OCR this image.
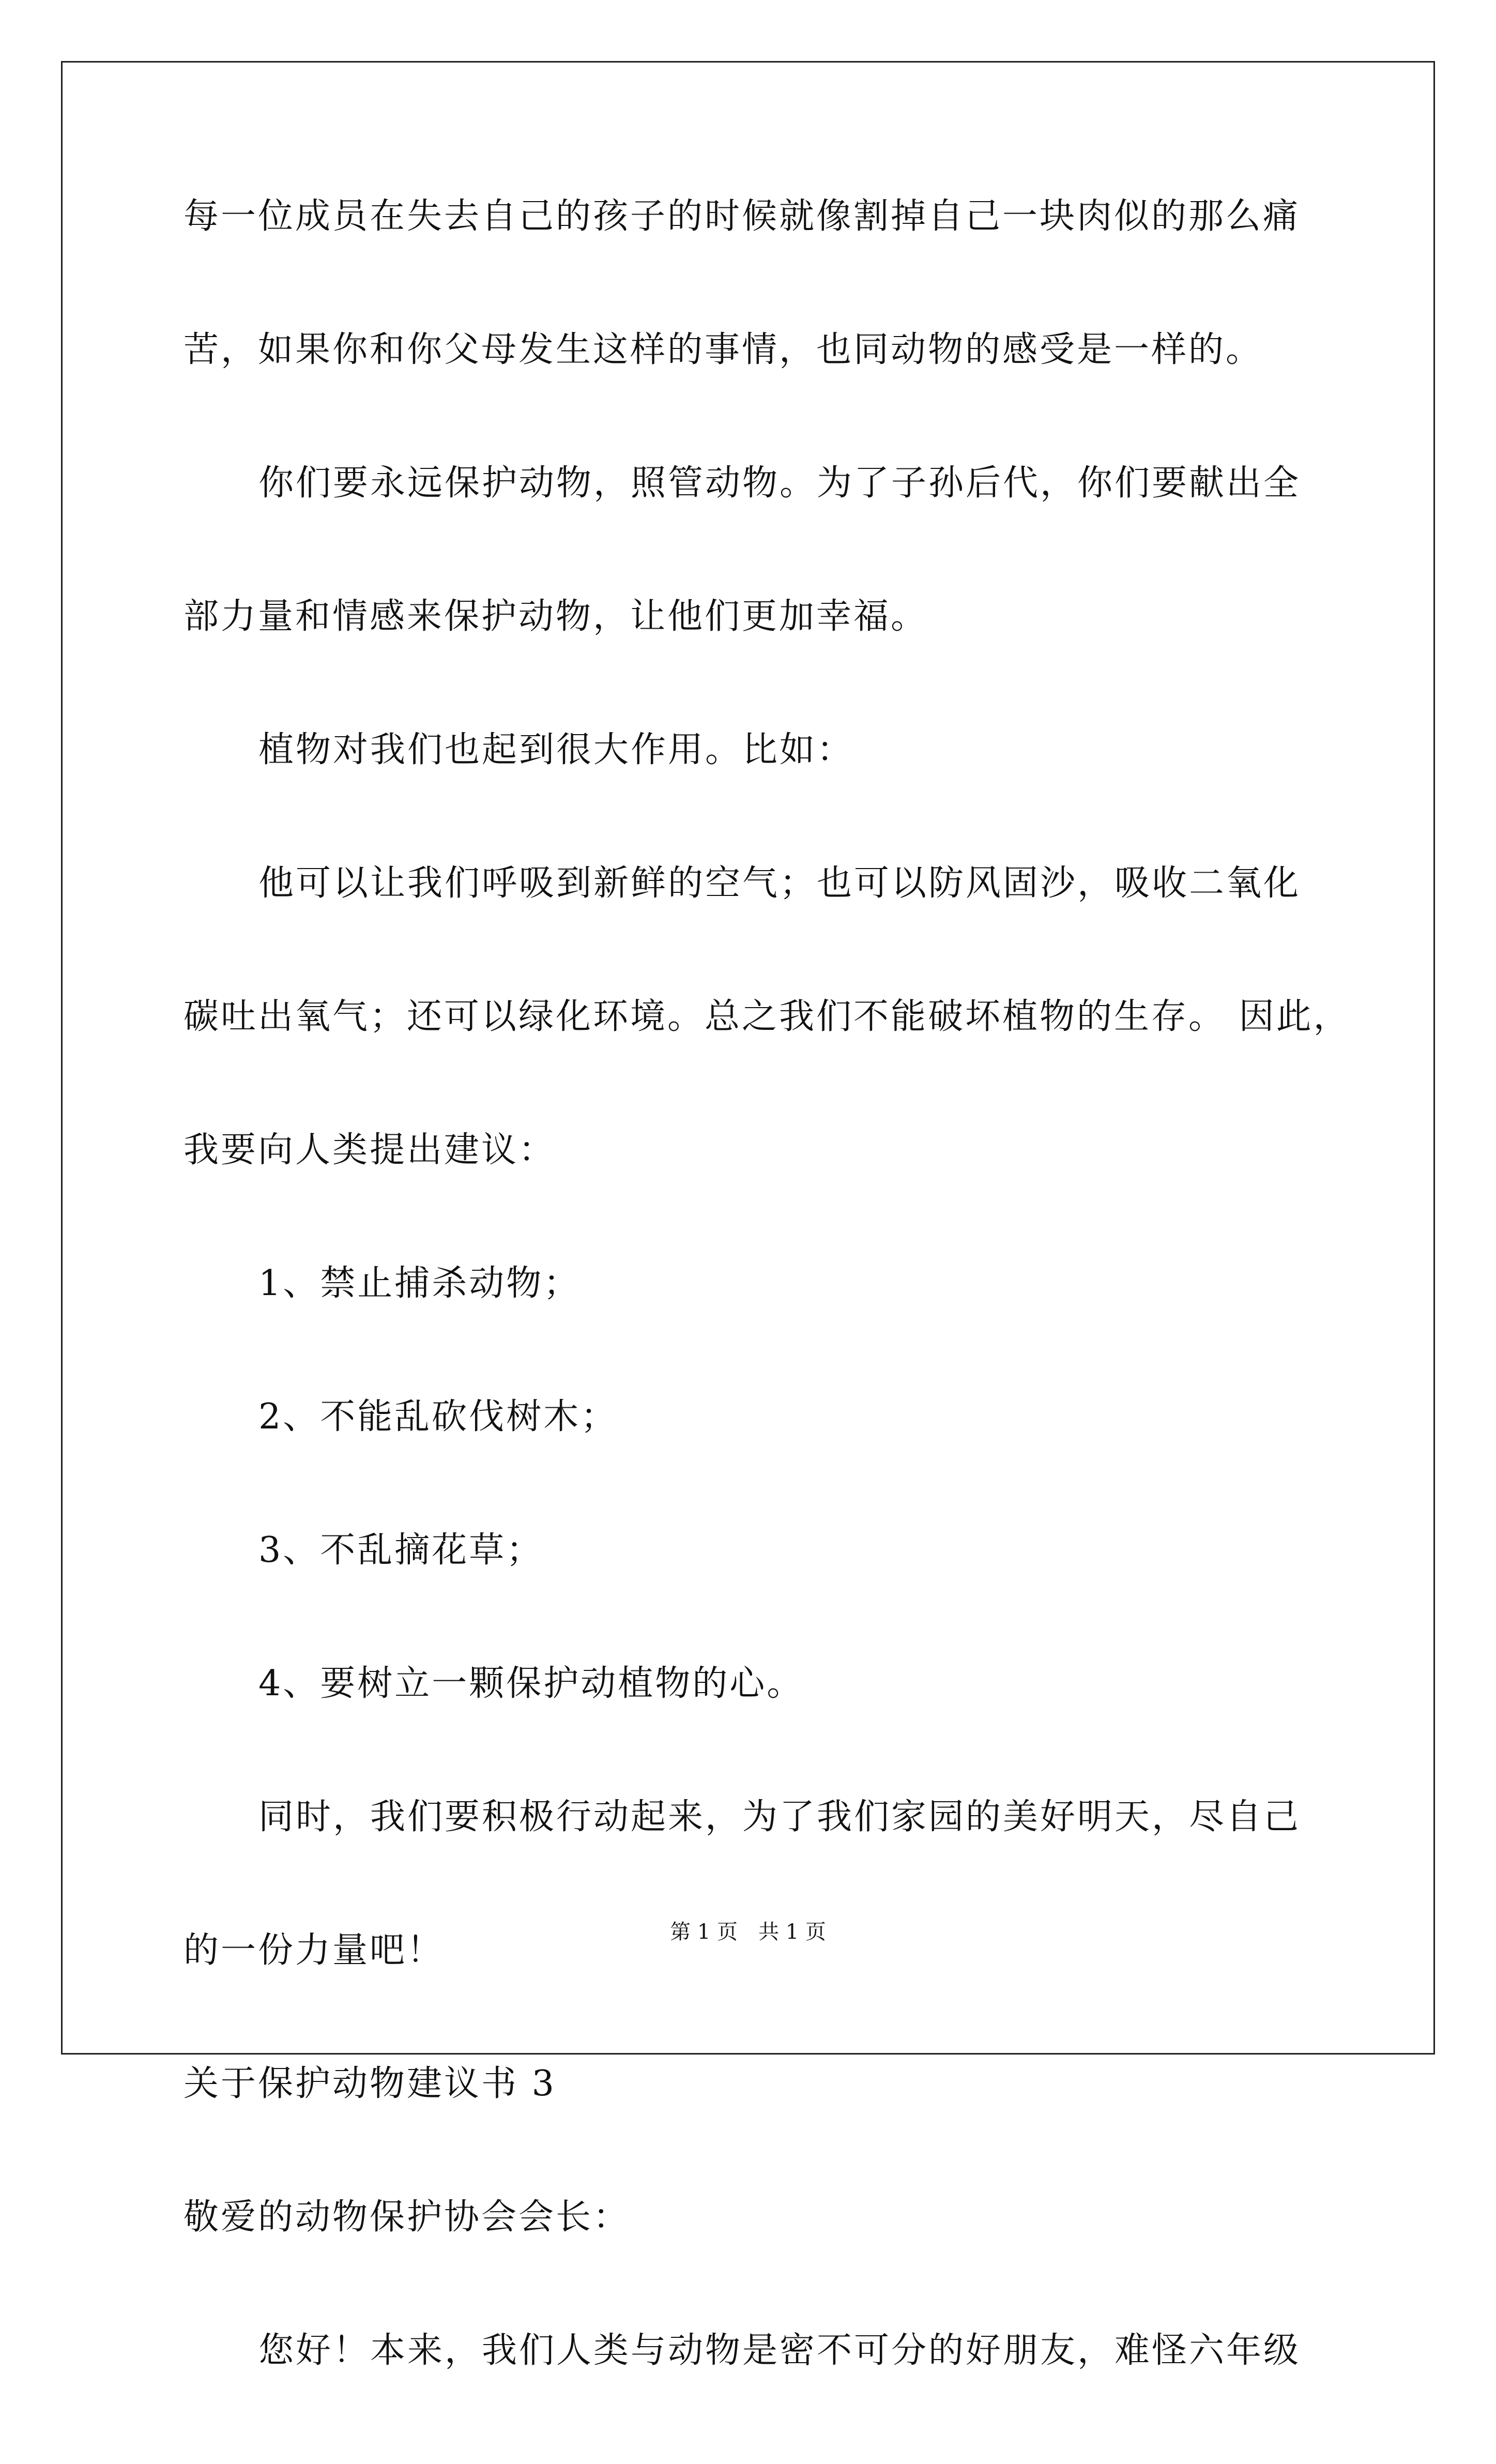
每一位成员在失去自己的孩子的时候就像割掉自己一块肉似的那么痛
苦，如果你和你父母发生这样的事情，也同动物的感受是一样的。
你们要永远保护动物，照管动物。为了子孙后代，你们要献出全
部力量和情感来保护动物，让他们更加幸福。
植物对我们也起到很大作用。比如：
他可以让我们呼吸到新鲜的空气；也可以防风固沙，吸收二氧化
碳吐出氧气；还可以绿化环境。总之我们不能破坏植物的生存。 因此，
我要向人类提出建议：
1、禁止捕杀动物；
2、不能乱砍伐树木；
3、不乱摘花草；
4、要树立一颗保护动植物的心。
同时，我们要积极行动起来，为了我们家园的美好明天，尽自己
的一份力量吧！
关于保护动物建议书 3
敬爱的动物保护协会会长：
您好！本来，我们人类与动物是密不可分的好朋友，难怪六年级
第 1 页　共 1 页
